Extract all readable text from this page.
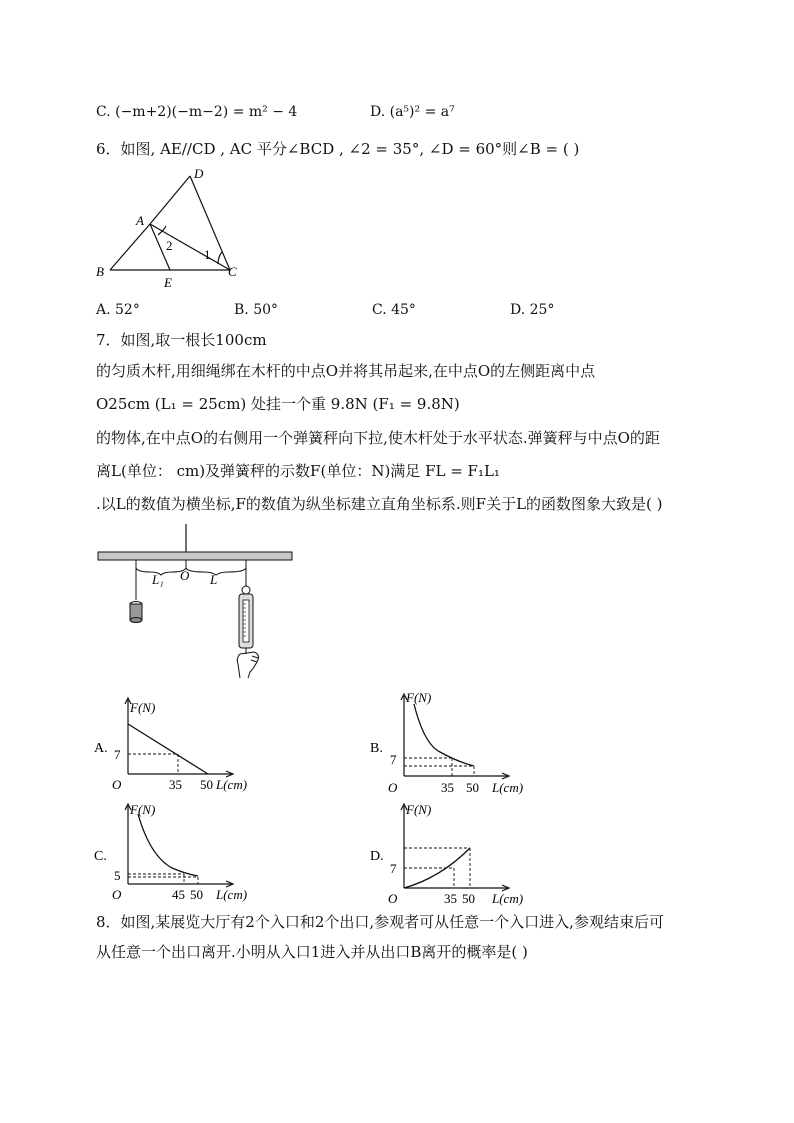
C. (−m+2)(−m−2) = m² − 4	D. (a⁵)² = a⁷
6．如图, AE//CD , AC 平分∠BCD , ∠2 = 35°, ∠D = 60°则∠B = ( )
D
A
B	C
E
1
2
A. 52°	B. 50°	C. 45°	D. 25°
7．如图,取一根长100cm
的匀质木杆,用细绳绑在木杆的中点O并将其吊起来,在中点O的左侧距离中点
O25cm (L₁ = 25cm) 处挂一个重 9.8N (F₁ = 9.8N)
的物体,在中点O的右侧用一个弹簧秤向下拉,使木杆处于水平状态.弹簧秤与中点O的距
离L(单位： cm)及弹簧秤的示数F(单位：N)满足 FL = F₁L₁
.以L的数值为横坐标,F的数值为纵坐标建立直角坐标系.则F关于L的函数图象大致是( )
L₁ O L
A.
F(N)
7
O	35 50 L(cm)
B.
F(N)
7
O	35 50 L(cm)
C.
F(N)
5
O	45 50 L(cm)
D.
F(N)
7
O	35 50 L(cm)
8．如图,某展览大厅有2个入口和2个出口,参观者可从任意一个入口进入,参观结束后可
从任意一个出口离开.小明从入口1进入并从出口B离开的概率是( )
